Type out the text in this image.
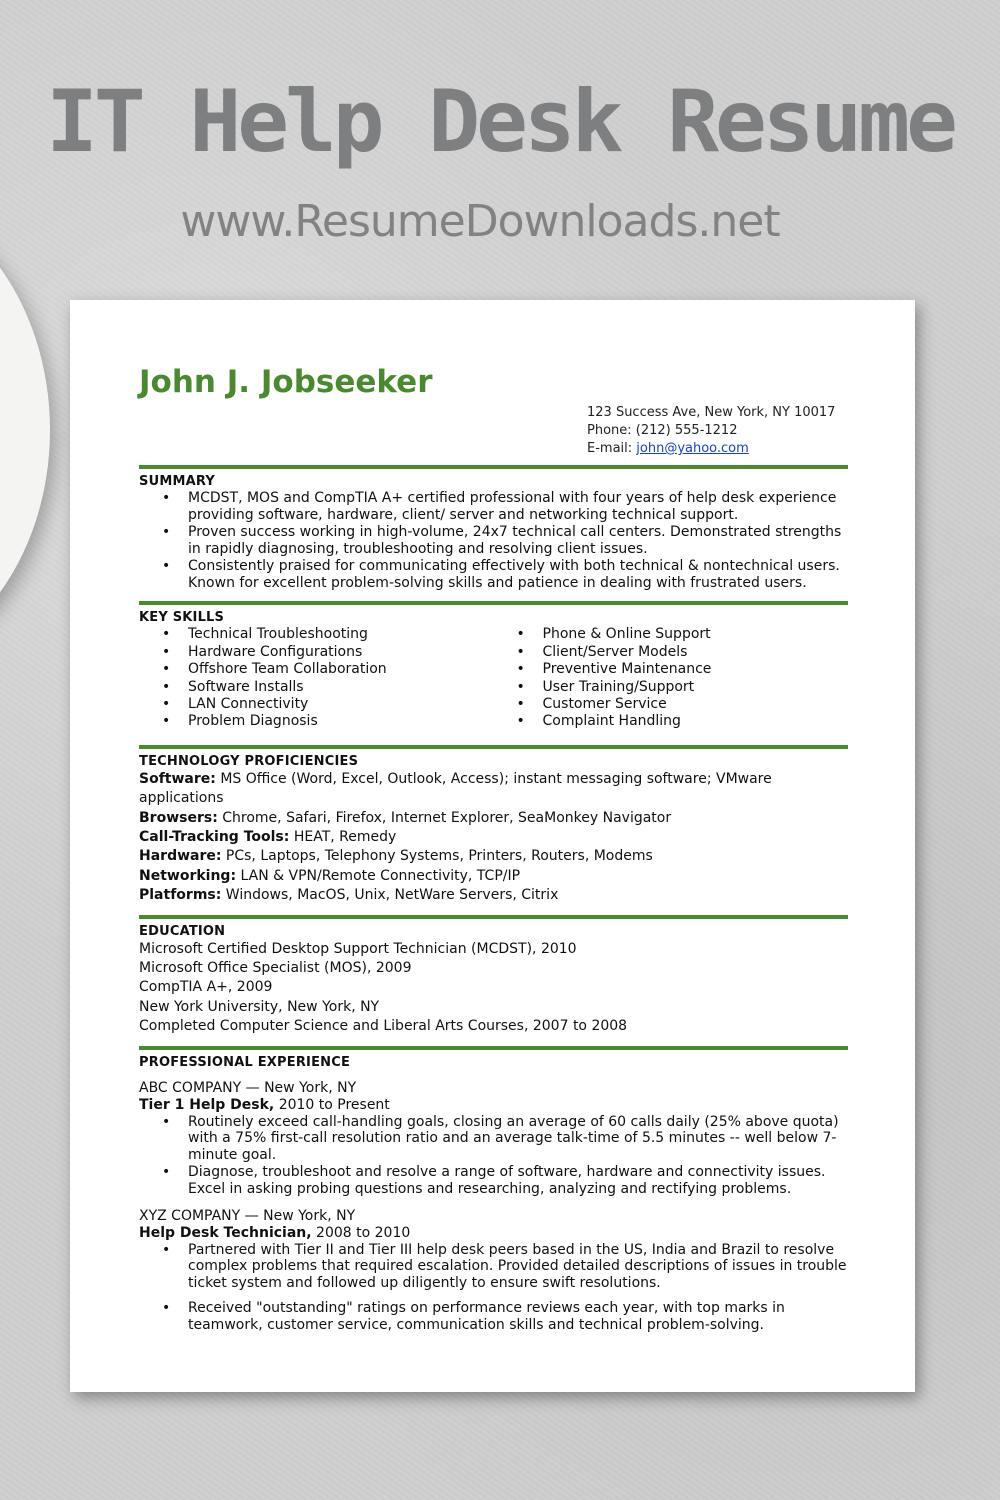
IT Help Desk Resume
www.ResumeDownloads.net
John J. Jobseeker
123 Success Ave, New York, NY 10017
Phone: (212) 555-1212
E-mail: john@yahoo.com
SUMMARY
• MCDST, MOS and CompTIA A+ certified professional with four years of help desk experience providing software, hardware, client/ server and networking technical support.
• Proven success working in high-volume, 24x7 technical call centers. Demonstrated strengths in rapidly diagnosing, troubleshooting and resolving client issues.
• Consistently praised for communicating effectively with both technical & nontechnical users. Known for excellent problem-solving skills and patience in dealing with frustrated users.
KEY SKILLS
• Technical Troubleshooting
• Hardware Configurations
• Offshore Team Collaboration
• Software Installs
• LAN Connectivity
• Problem Diagnosis
• Phone & Online Support
• Client/Server Models
• Preventive Maintenance
• User Training/Support
• Customer Service
• Complaint Handling
TECHNOLOGY PROFICIENCIES

Software: MS Office (Word, Excel, Outlook, Access); instant messaging software; VMware applications

Browsers: Chrome, Safari, Firefox, Internet Explorer, SeaMonkey Navigator

Call-Tracking Tools: HEAT, Remedy

Hardware: PCs, Laptops, Telephony Systems, Printers, Routers, Modems

Networking: LAN & VPN/Remote Connectivity, TCP/IP

Platforms: Windows, MacOS, Unix, NetWare Servers, Citrix

EDUCATION

Microsoft Certified Desktop Support Technician (MCDST), 2010

Microsoft Office Specialist (MOS), 2009

CompTIA A+, 2009

New York University, New York, NY

Completed Computer Science and Liberal Arts Courses, 2007 to 2008

PROFESSIONAL EXPERIENCE

ABC COMPANY — New York, NY

Tier 1 Help Desk, 2010 to Present

• Routinely exceed call-handling goals, closing an average of 60 calls daily (25% above quota) with a 75% first-call resolution ratio and an average talk-time of 5.5 minutes -- well below 7-minute goal.
• Diagnose, troubleshoot and resolve a range of software, hardware and connectivity issues. Excel in asking probing questions and researching, analyzing and rectifying problems.

XYZ COMPANY — New York, NY

Help Desk Technician, 2008 to 2010

• Partnered with Tier II and Tier III help desk peers based in the US, India and Brazil to resolve complex problems that required escalation. Provided detailed descriptions of issues in trouble ticket system and followed up diligently to ensure swift resolutions.
• Received "outstanding" ratings on performance reviews each year, with top marks in teamwork, customer service, communication skills and technical problem-solving.
